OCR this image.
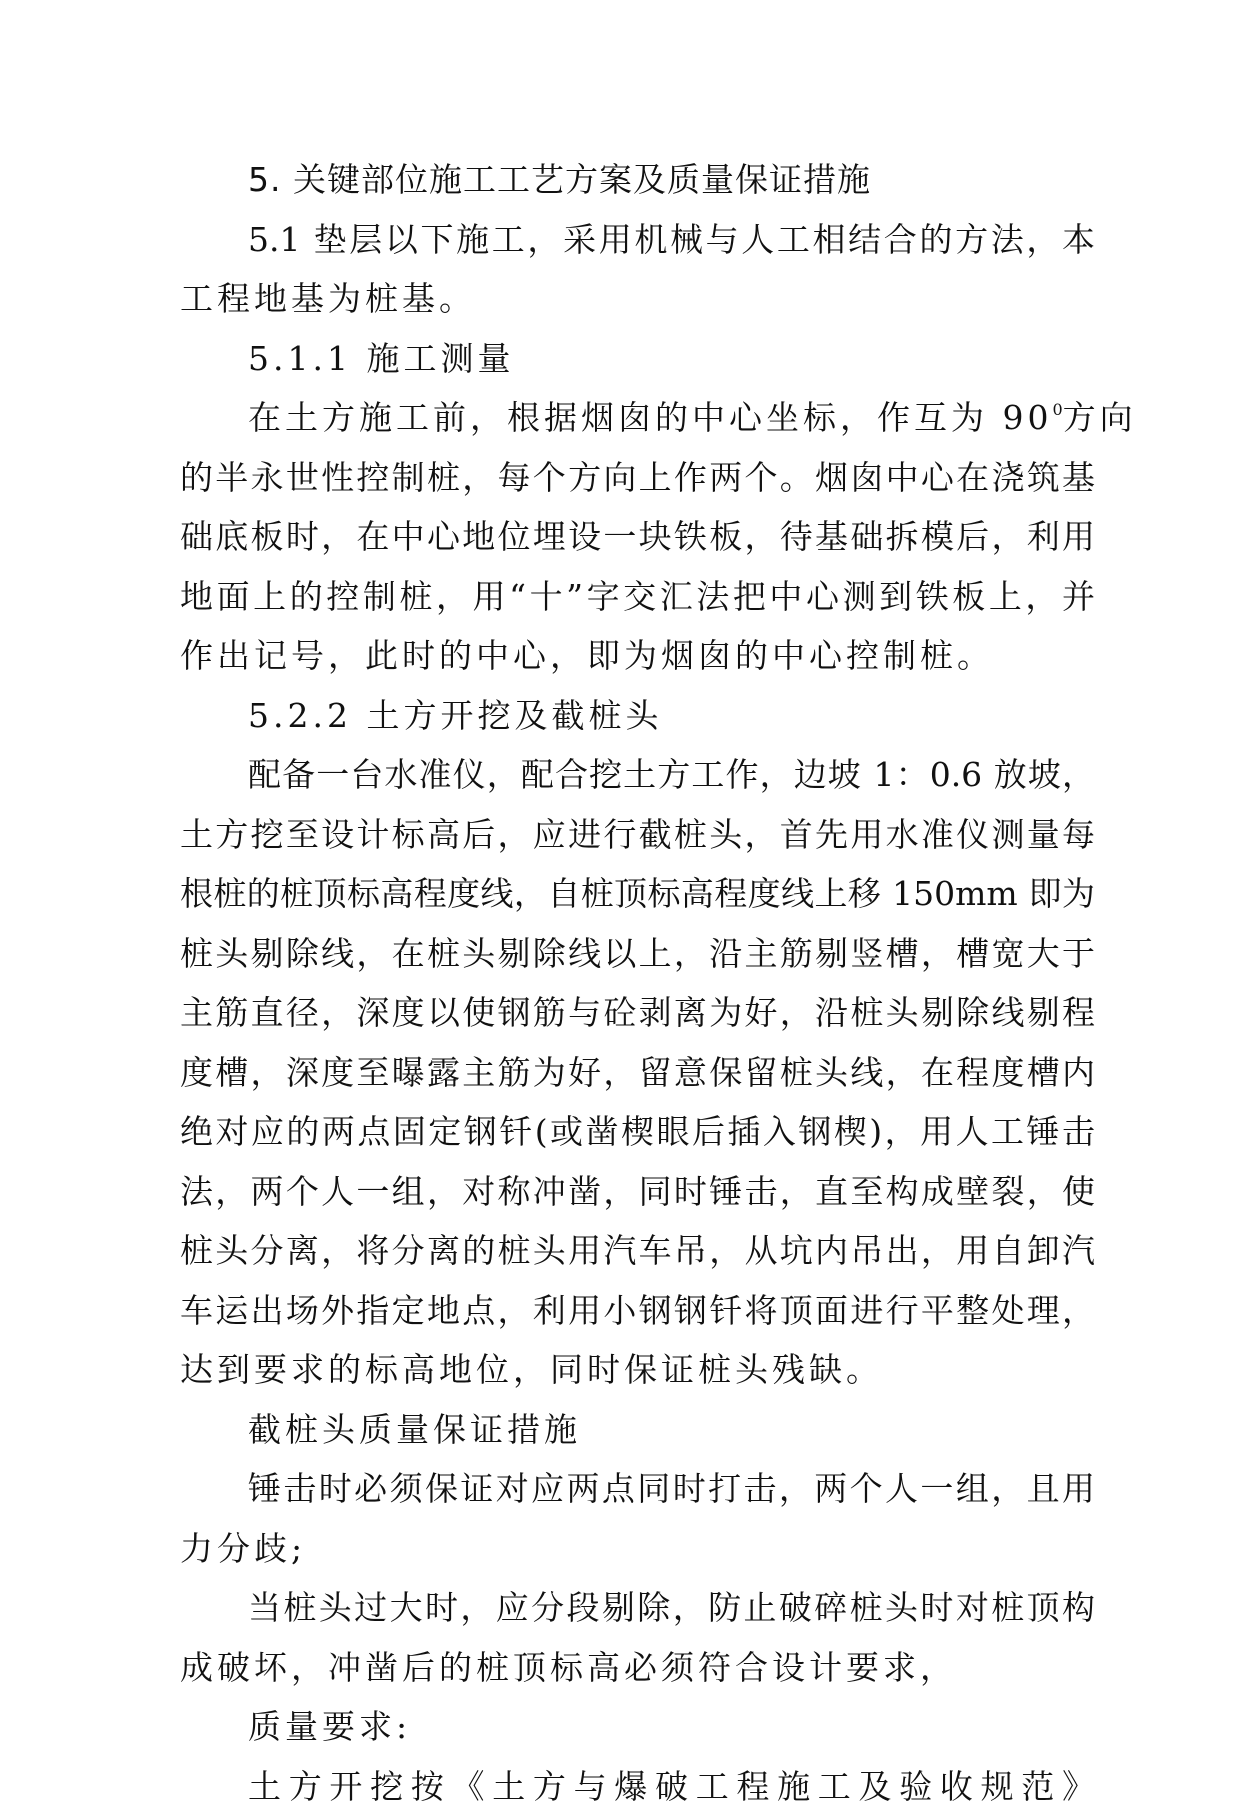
5. 关键部位施工工艺方案及质量保证措施
5.1 垫层以下施工，采用机械与人工相结合的方法，本
工程地基为桩基。
5.1.1 施工测量
在土方施工前，根据烟囱的中心坐标，作互为 $90^0$方向
的半永世性控制桩，每个方向上作两个。烟囱中心在浇筑基
础底板时，在中心地位埋设一块铁板，待基础拆模后，利用
地面上的控制桩，用“十”字交汇法把中心测到铁板上，并
作出记号，此时的中心，即为烟囱的中心控制桩。
5.2.2 土方开挖及截桩头
配备一台水准仪，配合挖土方工作，边坡 1：0.6 放坡，
土方挖至设计标高后，应进行截桩头，首先用水准仪测量每
根桩的桩顶标高程度线，自桩顶标高程度线上移 150mm 即为
桩头剔除线，在桩头剔除线以上，沿主筋剔竖槽，槽宽大于
主筋直径，深度以使钢筋与砼剥离为好，沿桩头剔除线剔程
度槽，深度至曝露主筋为好，留意保留桩头线，在程度槽内
绝对应的两点固定钢钎(或凿楔眼后插入钢楔)，用人工锤击
法，两个人一组，对称冲凿，同时锤击，直至构成壁裂，使
桩头分离，将分离的桩头用汽车吊，从坑内吊出，用自卸汽
车运出场外指定地点，利用小钢钢钎将顶面进行平整处理，
达到要求的标高地位，同时保证桩头残缺。
截桩头质量保证措施
锤击时必须保证对应两点同时打击，两个人一组，且用
力分歧;
当桩头过大时，应分段剔除，防止破碎桩头时对桩顶构
成破坏，冲凿后的桩顶标高必须符合设计要求，
质量要求:
土方开挖按《土方与爆破工程施工及验收规范》
